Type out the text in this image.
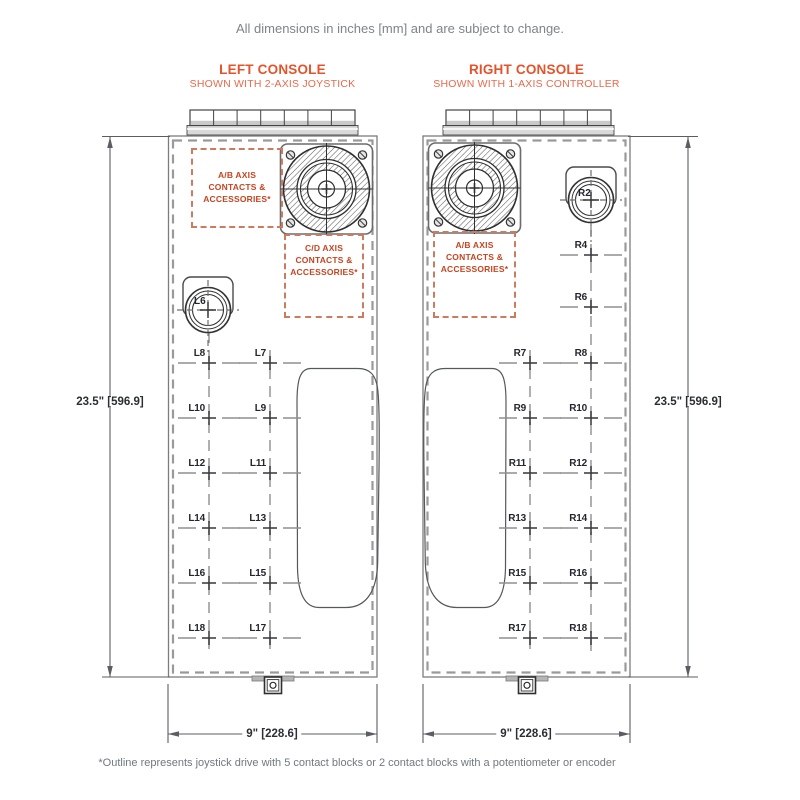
All dimensions in inches [mm] and are subject to change.
LEFT CONSOLE
SHOWN WITH 2-AXIS JOYSTICK
RIGHT CONSOLE
SHOWN WITH 1-AXIS CONTROLLER
A/B AXIS
CONTACTS &
ACCESSORIES*
C/D AXIS
CONTACTS &
ACCESSORIES*
A/B AXIS
CONTACTS &
ACCESSORIES*
23.5" [596.9]	23.5" [596.9]
9" [228.6]	9" [228.6]
L6
R2
L8	L7
L10	L9
L12	L11
L14	L13
L16	L15
L18	L17
R4
R6
R7	R8
R9	R10
R11	R12
R13	R14
R15	R16
R17	R18
*Outline represents joystick drive with 5 contact blocks or 2 contact blocks with a potentiometer or encoder
